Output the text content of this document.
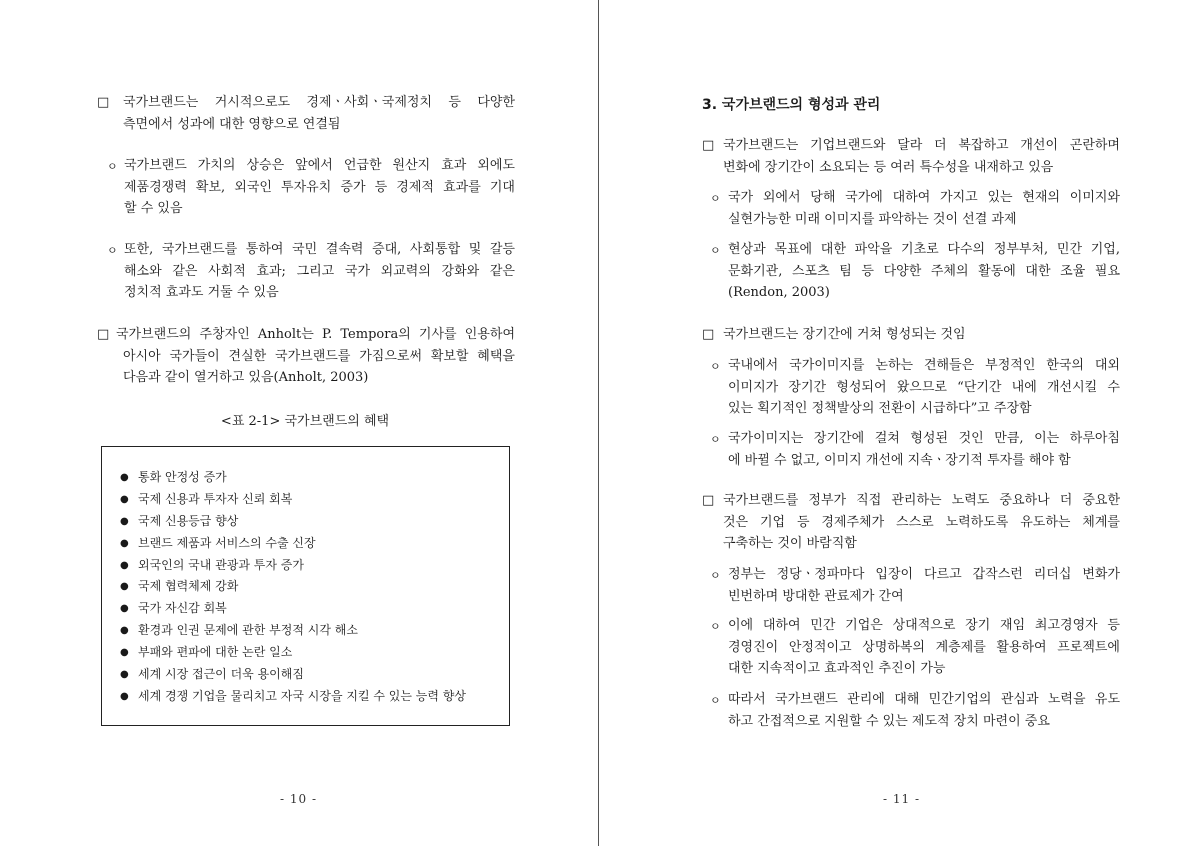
□ 국가브랜드는 거시적으로도 경제ㆍ사회ㆍ국제정치 등 다양한
측면에서 성과에 대한 영향으로 연결됨
ㅇ 국가브랜드 가치의 상승은 앞에서 언급한 원산지 효과 외에도
제품경쟁력 확보, 외국인 투자유치 증가 등 경제적 효과를 기대
할 수 있음
ㅇ 또한, 국가브랜드를 통하여 국민 결속력 증대, 사회통합 및 갈등
해소와 같은 사회적 효과; 그리고 국가 외교력의 강화와 같은
정치적 효과도 거둘 수 있음
□ 국가브랜드의 주창자인 Anholt는 P. Tempora의 기사를 인용하여
아시아 국가들이 견실한 국가브랜드를 가짐으로써 확보할 혜택을
다음과 같이 열거하고 있음(Anholt, 2003)
<표 2-1> 국가브랜드의 혜택
● 통화 안정성 증가
● 국제 신용과 투자자 신뢰 회복
● 국제 신용등급 향상
● 브랜드 제품과 서비스의 수출 신장
● 외국인의 국내 관광과 투자 증가
● 국제 협력체제 강화
● 국가 자신감 회복
● 환경과 인권 문제에 관한 부정적 시각 해소
● 부패와 편파에 대한 논란 일소
● 세계 시장 접근이 더욱 용이해짐
● 세계 경쟁 기업을 물리치고 자국 시장을 지킬 수 있는 능력 향상
- 10 -
3. 국가브랜드의 형성과 관리
□ 국가브랜드는 기업브랜드와 달라 더 복잡하고 개선이 곤란하며
변화에 장기간이 소요되는 등 여러 특수성을 내재하고 있음
ㅇ 국가 외에서 당해 국가에 대하여 가지고 있는 현재의 이미지와
실현가능한 미래 이미지를 파악하는 것이 선결 과제
ㅇ 현상과 목표에 대한 파악을 기초로 다수의 정부부처, 민간 기업,
문화기관, 스포츠 팀 등 다양한 주체의 활동에 대한 조율 필요
(Rendon, 2003)
□ 국가브랜드는 장기간에 거쳐 형성되는 것임
ㅇ 국내에서 국가이미지를 논하는 견해들은 부정적인 한국의 대외
이미지가 장기간 형성되어 왔으므로 “단기간 내에 개선시킬 수
있는 획기적인 정책발상의 전환이 시급하다”고 주장함
ㅇ 국가이미지는 장기간에 걸쳐 형성된 것인 만큼, 이는 하루아침
에 바뀔 수 없고, 이미지 개선에 지속ㆍ장기적 투자를 해야 함
□ 국가브랜드를 정부가 직접 관리하는 노력도 중요하나 더 중요한
것은 기업 등 경제주체가 스스로 노력하도록 유도하는 체계를
구축하는 것이 바람직함
ㅇ 정부는 정당ㆍ정파마다 입장이 다르고 갑작스런 리더십 변화가
빈번하며 방대한 관료제가 간여
ㅇ 이에 대하여 민간 기업은 상대적으로 장기 재임 최고경영자 등
경영진이 안정적이고 상명하복의 계층제를 활용하여 프로젝트에
대한 지속적이고 효과적인 추진이 가능
ㅇ 따라서 국가브랜드 관리에 대해 민간기업의 관심과 노력을 유도
하고 간접적으로 지원할 수 있는 제도적 장치 마련이 중요
- 11 -
